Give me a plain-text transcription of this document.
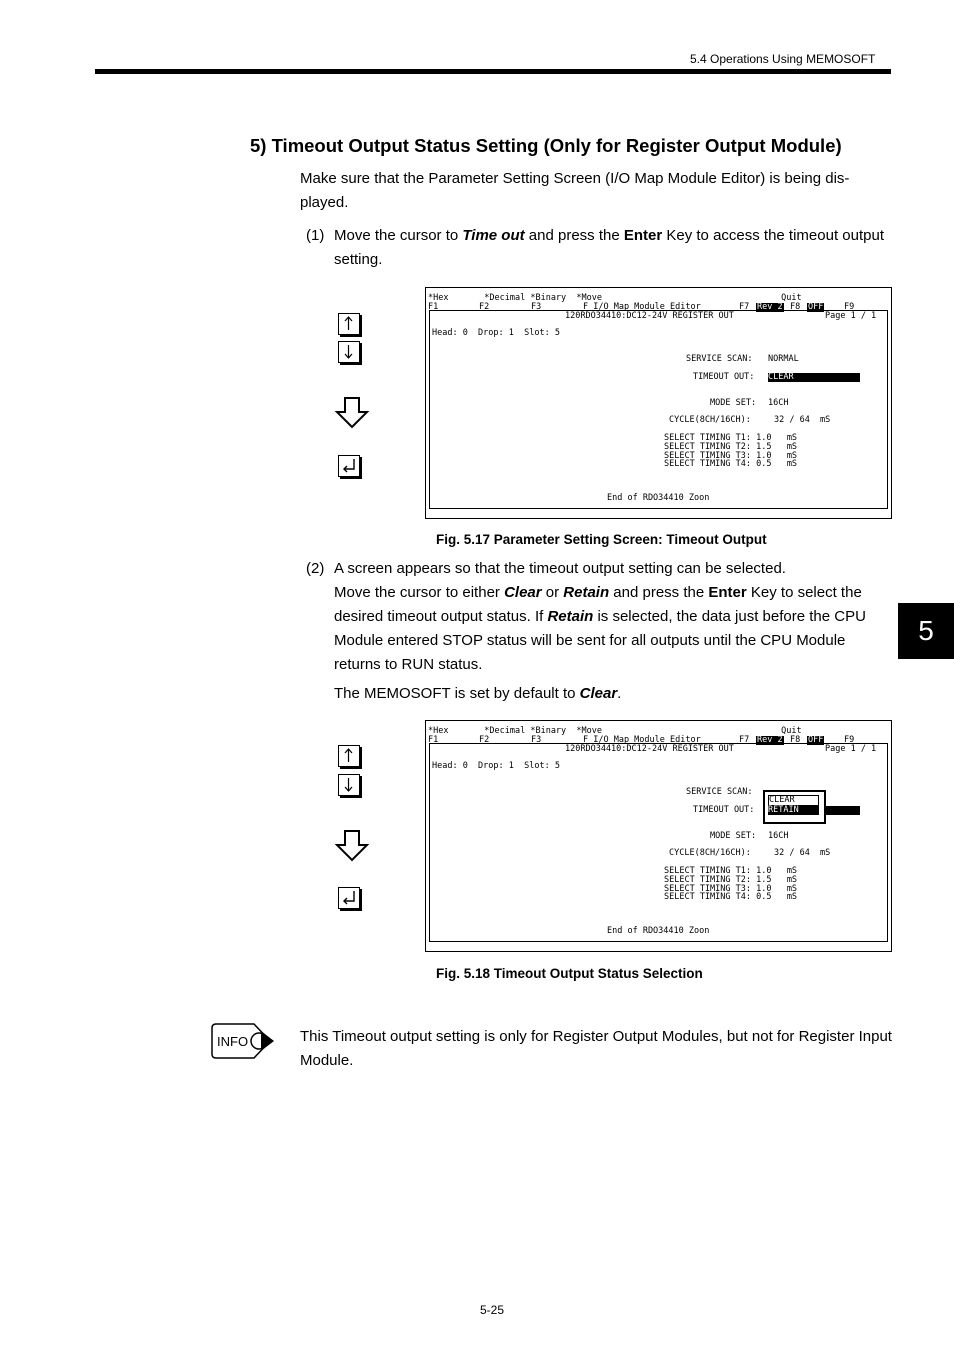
5.4 Operations Using MEMOSOFT
5) Timeout Output Status Setting (Only for Register Output Module)
Make sure that the Parameter Setting Screen (I/O Map Module Editor) is being dis- played.
(1) Move the cursor to Time out and press the Enter Key to access the timeout output setting.
*Hex       *Decimal *Binary  *Move                                   Quit
F1	F2	F3	F I/O Map Module Editor	F7 Rev 2 F8 OFF F9
120RDO34410:DC12-24V REGISTER OUT	Page 1 / 1
Head: 0  Drop: 1  Slot: 5
SERVICE SCAN: NORMAL
TIMEOUT OUT: CLEAR
MODE SET: 16CH
CYCLE(8CH/16CH):	32 / 64  mS
SELECT TIMING T1: 1.0   mS
SELECT TIMING T2: 1.5   mS
SELECT TIMING T3: 1.0   mS
SELECT TIMING T4: 0.5   mS
End of RDO34410 Zoon
Fig. 5.17 Parameter Setting Screen: Timeout Output
(2) A screen appears so that the timeout output setting can be selected.
Move the cursor to either Clear or Retain and press the Enter Key to select the desired timeout output status. If Retain is selected, the data just before the CPU Module entered STOP status will be sent for all outputs until the CPU Module returns to RUN status.
The MEMOSOFT is set by default to Clear.
*Hex       *Decimal *Binary  *Move                                   Quit
F1	F2	F3	F I/O Map Module Editor	F7 Rev 2 F8 OFF F9
120RDO34410:DC12-24V REGISTER OUT	Page 1 / 1
Head: 0  Drop: 1  Slot: 5
SERVICE SCAN:
TIMEOUT OUT:

CLEAR
RETAIN
MODE SET: 16CH
CYCLE(8CH/16CH):	32 / 64  mS
SELECT TIMING T1: 1.0   mS
SELECT TIMING T2: 1.5   mS
SELECT TIMING T3: 1.0   mS
SELECT TIMING T4: 0.5   mS
End of RDO34410 Zoon
Fig. 5.18 Timeout Output Status Selection
INFO	This Timeout output setting is only for Register Output Modules, but not for Register Input Module.
5
5-25
